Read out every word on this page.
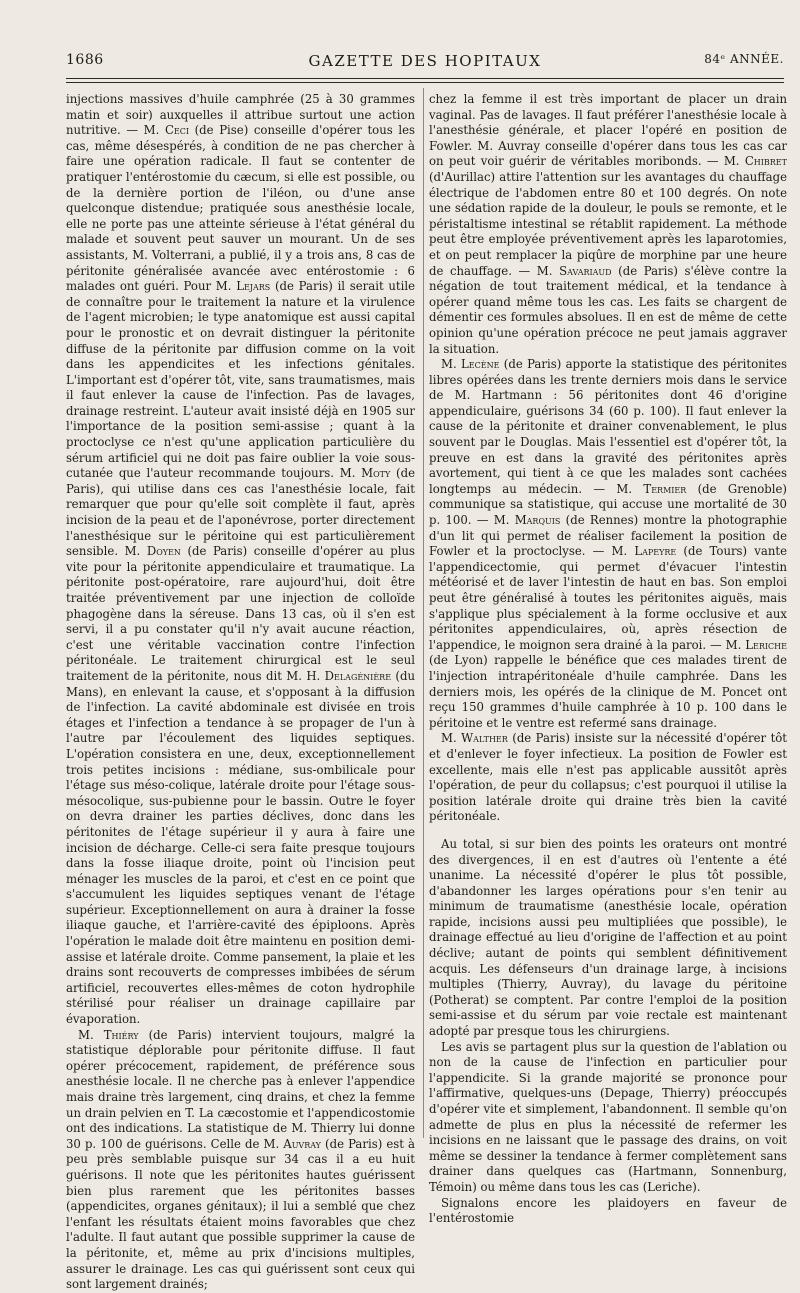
1686	GAZETTE DES HOPITAUX	84ᵉ ANNÉE.

injections massives d'huile camphrée (25 à 30 grammes matin et soir) auxquelles il attribue surtout une action nutritive. — M. Ceci (de Pise) conseille d'opérer tous les cas, même désespérés, à condition de ne pas chercher à faire une opération radicale. Il faut se contenter de pratiquer l'entérostomie du cæcum, si elle est possible, ou de la dernière portion de l'iléon, ou d'une anse quelconque distendue; pratiquée sous anesthésie locale, elle ne porte pas une atteinte sérieuse à l'état général du malade et souvent peut sauver un mourant. Un de ses assistants, M. Volterrani, a publié, il y a trois ans, 8 cas de péritonite généralisée avancée avec entérostomie : 6 malades ont guéri. Pour M. Lejars (de Paris) il serait utile de connaître pour le traitement la nature et la virulence de l'agent microbien; le type anatomique est aussi capital pour le pronostic et on devrait distinguer la péritonite diffuse de la péritonite par diffusion comme on la voit dans les appendicites et les infections génitales. L'important est d'opérer tôt, vite, sans traumatismes, mais il faut enlever la cause de l'infection. Pas de lavages, drainage restreint. L'auteur avait insisté déjà en 1905 sur l'importance de la position semi-assise ; quant à la proctoclyse ce n'est qu'une application particulière du sérum artificiel qui ne doit pas faire oublier la voie sous-cutanée que l'auteur recommande toujours. M. Moty (de Paris), qui utilise dans ces cas l'anesthésie locale, fait remarquer que pour qu'elle soit complète il faut, après incision de la peau et de l'aponévrose, porter directement l'anesthésique sur le péritoine qui est particulièrement sensible. M. Doyen (de Paris) conseille d'opérer au plus vite pour la péritonite appendiculaire et traumatique. La péritonite post-opératoire, rare aujourd'hui, doit être traitée préventivement par une injection de colloïde phagogène dans la séreuse. Dans 13 cas, où il s'en est servi, il a pu constater qu'il n'y avait aucune réaction, c'est une véritable vaccination contre l'infection péritonéale. Le traitement chirurgical est le seul traitement de la péritonite, nous dit M. H. Delagénière (du Mans), en enlevant la cause, et s'opposant à la diffusion de l'infection. La cavité abdominale est divisée en trois étages et l'infection a tendance à se propager de l'un à l'autre par l'écoulement des liquides septiques. L'opération consistera en une, deux, exceptionnellement trois petites incisions : médiane, sus-ombilicale pour l'étage sus méso-colique, latérale droite pour l'étage sous-mésocolique, sus-pubienne pour le bassin. Outre le foyer on devra drainer les parties déclives, donc dans les péritonites de l'étage supérieur il y aura à faire une incision de décharge. Celle-ci sera faite presque toujours dans la fosse iliaque droite, point où l'incision peut ménager les muscles de la paroi, et c'est en ce point que s'accumulent les liquides septiques venant de l'étage supérieur. Exceptionnellement on aura à drainer la fosse iliaque gauche, et l'arrière-cavité des épiploons. Après l'opération le malade doit être maintenu en position demi-assise et latérale droite. Comme pansement, la plaie et les drains sont recouverts de compresses imbibées de sérum artificiel, recouvertes elles-mêmes de coton hydrophile stérilisé pour réaliser un drainage capillaire par évaporation.

M. Thiéry (de Paris) intervient toujours, malgré la statistique déplorable pour péritonite diffuse. Il faut opérer précocement, rapidement, de préférence sous anesthésie locale. Il ne cherche pas à enlever l'appendice mais draine très largement, cinq drains, et chez la femme un drain pelvien en T. La cæcostomie et l'appendicostomie ont des indications. La statistique de M. Thierry lui donne 30 p. 100 de guérisons. Celle de M. Auvray (de Paris) est à peu près semblable puisque sur 34 cas il a eu huit guérisons. Il note que les péritonites hautes guérissent bien plus rarement que les péritonites basses (appendicites, organes génitaux); il lui a semblé que chez l'enfant les résultats étaient moins favorables que chez l'adulte. Il faut autant que possible supprimer la cause de la péritonite, et, même au prix d'incisions multiples, assurer le drainage. Les cas qui guérissent sont ceux qui sont largement drainés;

chez la femme il est très important de placer un drain vaginal. Pas de lavages. Il faut préférer l'anesthésie locale à l'anesthésie générale, et placer l'opéré en position de Fowler. M. Auvray conseille d'opérer dans tous les cas car on peut voir guérir de véritables moribonds. — M. Chibret (d'Aurillac) attire l'attention sur les avantages du chauffage électrique de l'abdomen entre 80 et 100 degrés. On note une sédation rapide de la douleur, le pouls se remonte, et le péristaltisme intestinal se rétablit rapidement. La méthode peut être employée préventivement après les laparotomies, et on peut remplacer la piqûre de morphine par une heure de chauffage. — M. Savariaud (de Paris) s'élève contre la négation de tout traitement médical, et la tendance à opérer quand même tous les cas. Les faits se chargent de démentir ces formules absolues. Il en est de même de cette opinion qu'une opération précoce ne peut jamais aggraver la situation.

M. Lecène (de Paris) apporte la statistique des péritonites libres opérées dans les trente derniers mois dans le service de M. Hartmann : 56 péritonites dont 46 d'origine appendiculaire, guérisons 34 (60 p. 100). Il faut enlever la cause de la péritonite et drainer convenablement, le plus souvent par le Douglas. Mais l'essentiel est d'opérer tôt, la preuve en est dans la gravité des péritonites après avortement, qui tient à ce que les malades sont cachées longtemps au médecin. — M. Termier (de Grenoble) communique sa statistique, qui accuse une mortalité de 30 p. 100. — M. Marquis (de Rennes) montre la photographie d'un lit qui permet de réaliser facilement la position de Fowler et la proctoclyse. — M. Lapeyre (de Tours) vante l'appendicectomie, qui permet d'évacuer l'intestin météorisé et de laver l'intestin de haut en bas. Son emploi peut être généralisé à toutes les péritonites aiguës, mais s'applique plus spécialement à la forme occlusive et aux péritonites appendiculaires, où, après résection de l'appendice, le moignon sera drainé à la paroi. — M. Leriche (de Lyon) rappelle le bénéfice que ces malades tirent de l'injection intrapéritonéale d'huile camphrée. Dans les derniers mois, les opérés de la clinique de M. Poncet ont reçu 150 grammes d'huile camphrée à 10 p. 100 dans le péritoine et le ventre est refermé sans drainage.

M. Walther (de Paris) insiste sur la nécessité d'opérer tôt et d'enlever le foyer infectieux. La position de Fowler est excellente, mais elle n'est pas applicable aussitôt après l'opération, de peur du collapsus; c'est pourquoi il utilise la position latérale droite qui draine très bien la cavité péritonéale.

Au total, si sur bien des points les orateurs ont montré des divergences, il en est d'autres où l'entente a été unanime. La nécessité d'opérer le plus tôt possible, d'abandonner les larges opérations pour s'en tenir au minimum de traumatisme (anesthésie locale, opération rapide, incisions aussi peu multipliées que possible), le drainage effectué au lieu d'origine de l'affection et au point déclive; autant de points qui semblent définitivement acquis. Les défenseurs d'un drainage large, à incisions multiples (Thierry, Auvray), du lavage du péritoine (Potherat) se comptent. Par contre l'emploi de la position semi-assise et du sérum par voie rectale est maintenant adopté par presque tous les chirurgiens.

Les avis se partagent plus sur la question de l'ablation ou non de la cause de l'infection en particulier pour l'appendicite. Si la grande majorité se prononce pour l'affirmative, quelques-uns (Depage, Thierry) préoccupés d'opérer vite et simplement, l'abandonnent. Il semble qu'on admette de plus en plus la nécessité de refermer les incisions en ne laissant que le passage des drains, on voit même se dessiner la tendance à fermer complètement sans drainer dans quelques cas (Hartmann, Sonnenburg, Témoin) ou même dans tous les cas (Leriche).

Signalons encore les plaidoyers en faveur de l'entérostomie
